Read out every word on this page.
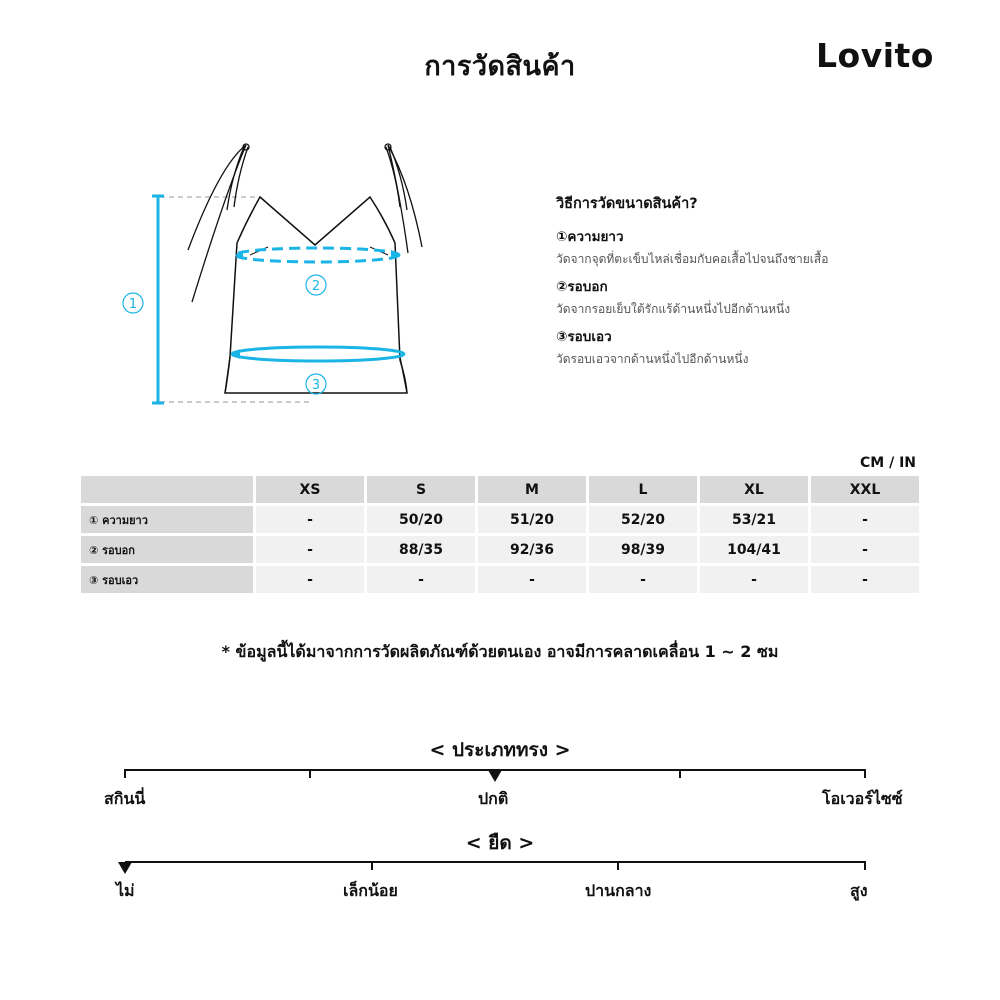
การวัดสินค้า	Lovito
1
2
3
วิธีการวัดขนาดสินค้า?
①ความยาว
วัดจากจุดที่ตะเข็บไหล่เชื่อมกับคอเสื้อไปจนถึงชายเสื้อ
②รอบอก
วัดจากรอยเย็บใต้รักแร้ด้านหนึ่งไปอีกด้านหนึ่ง
③รอบเอว
วัดรอบเอวจากด้านหนึ่งไปอีกด้านหนึ่ง
CM / IN
	XS	S	M	L	XL	XXL
① ความยาว	-	50/20	51/20	52/20	53/21	-
② รอบอก	-	88/35	92/36	98/39	104/41	-
③ รอบเอว	-	-	-	-	-	-
* ข้อมูลนี้ได้มาจากการวัดผลิตภัณฑ์ด้วยตนเอง อาจมีการคลาดเคลื่อน 1 ~ 2 ซม
< ประเภททรง >
สกินนี่	ปกติ	โอเวอร์ไซซ์
< ยืด >
ไม่	เล็กน้อย	ปานกลาง	สูง
